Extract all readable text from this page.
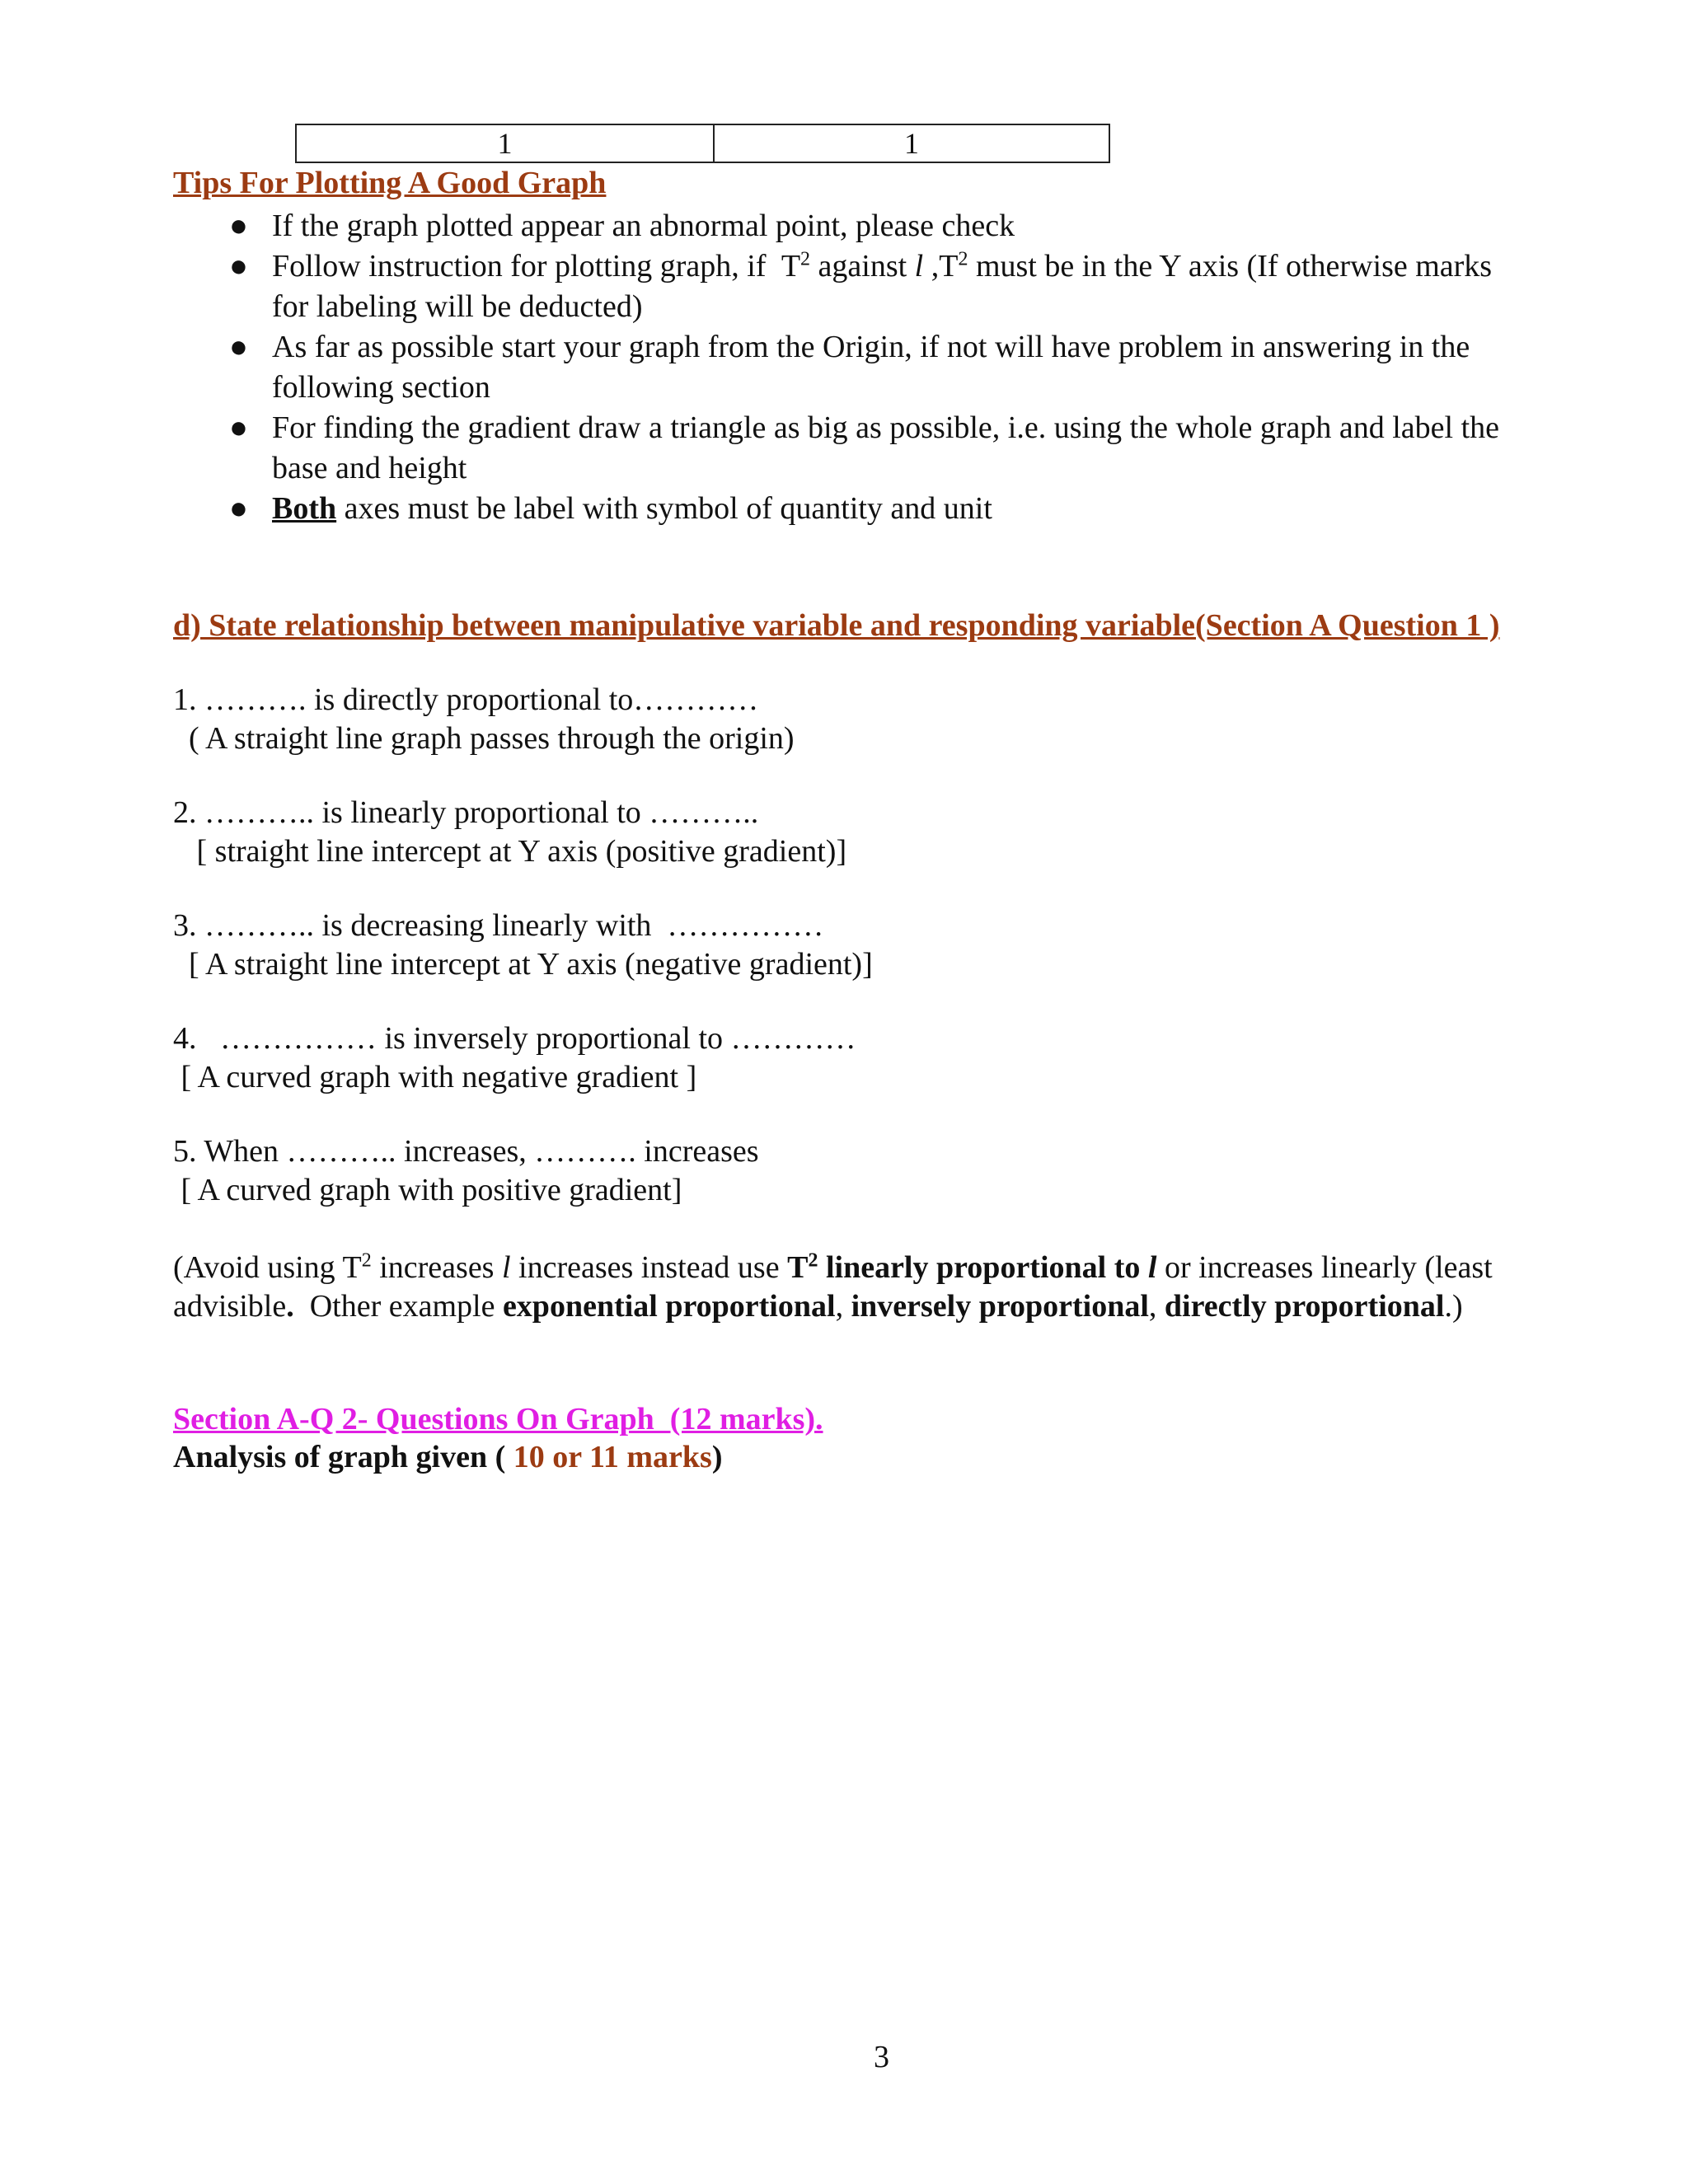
1	1
Tips For Plotting A Good Graph
● If the graph plotted appear an abnormal point, please check
● Follow instruction for plotting graph, if  $T^2$ against l $,T^2$ must be in the Y axis (If otherwise marks
for labeling will be deducted)
● As far as possible start your graph from the Origin, if not will have problem in answering in the
following section
● For finding the gradient draw a triangle as big as possible, i.e. using the whole graph and label the
base and height
● Both axes must be label with symbol of quantity and unit
d) State relationship between manipulative variable and responding variable(Section A Question 1 )
1. ………. is directly proportional to…………
( A straight line graph passes through the origin)
2. ……….. is linearly proportional to ………..
[ straight line intercept at Y axis (positive gradient)]
3. ……….. is decreasing linearly with  ……………
[ A straight line intercept at Y axis (negative gradient)]
4.   …………… is inversely proportional to …………
[ A curved graph with negative gradient ]
5. When ……….. increases, ………. increases
[ A curved graph with positive gradient]
(Avoid using $T^2$ increases l increases instead use $T^2$ linearly proportional to l or increases linearly (least
advisible.  Other example exponential proportional, inversely proportional, directly proportional.)
Section A-Q 2- Questions On Graph  (12 marks).
Analysis of graph given ( 10 or 11 marks)
3
